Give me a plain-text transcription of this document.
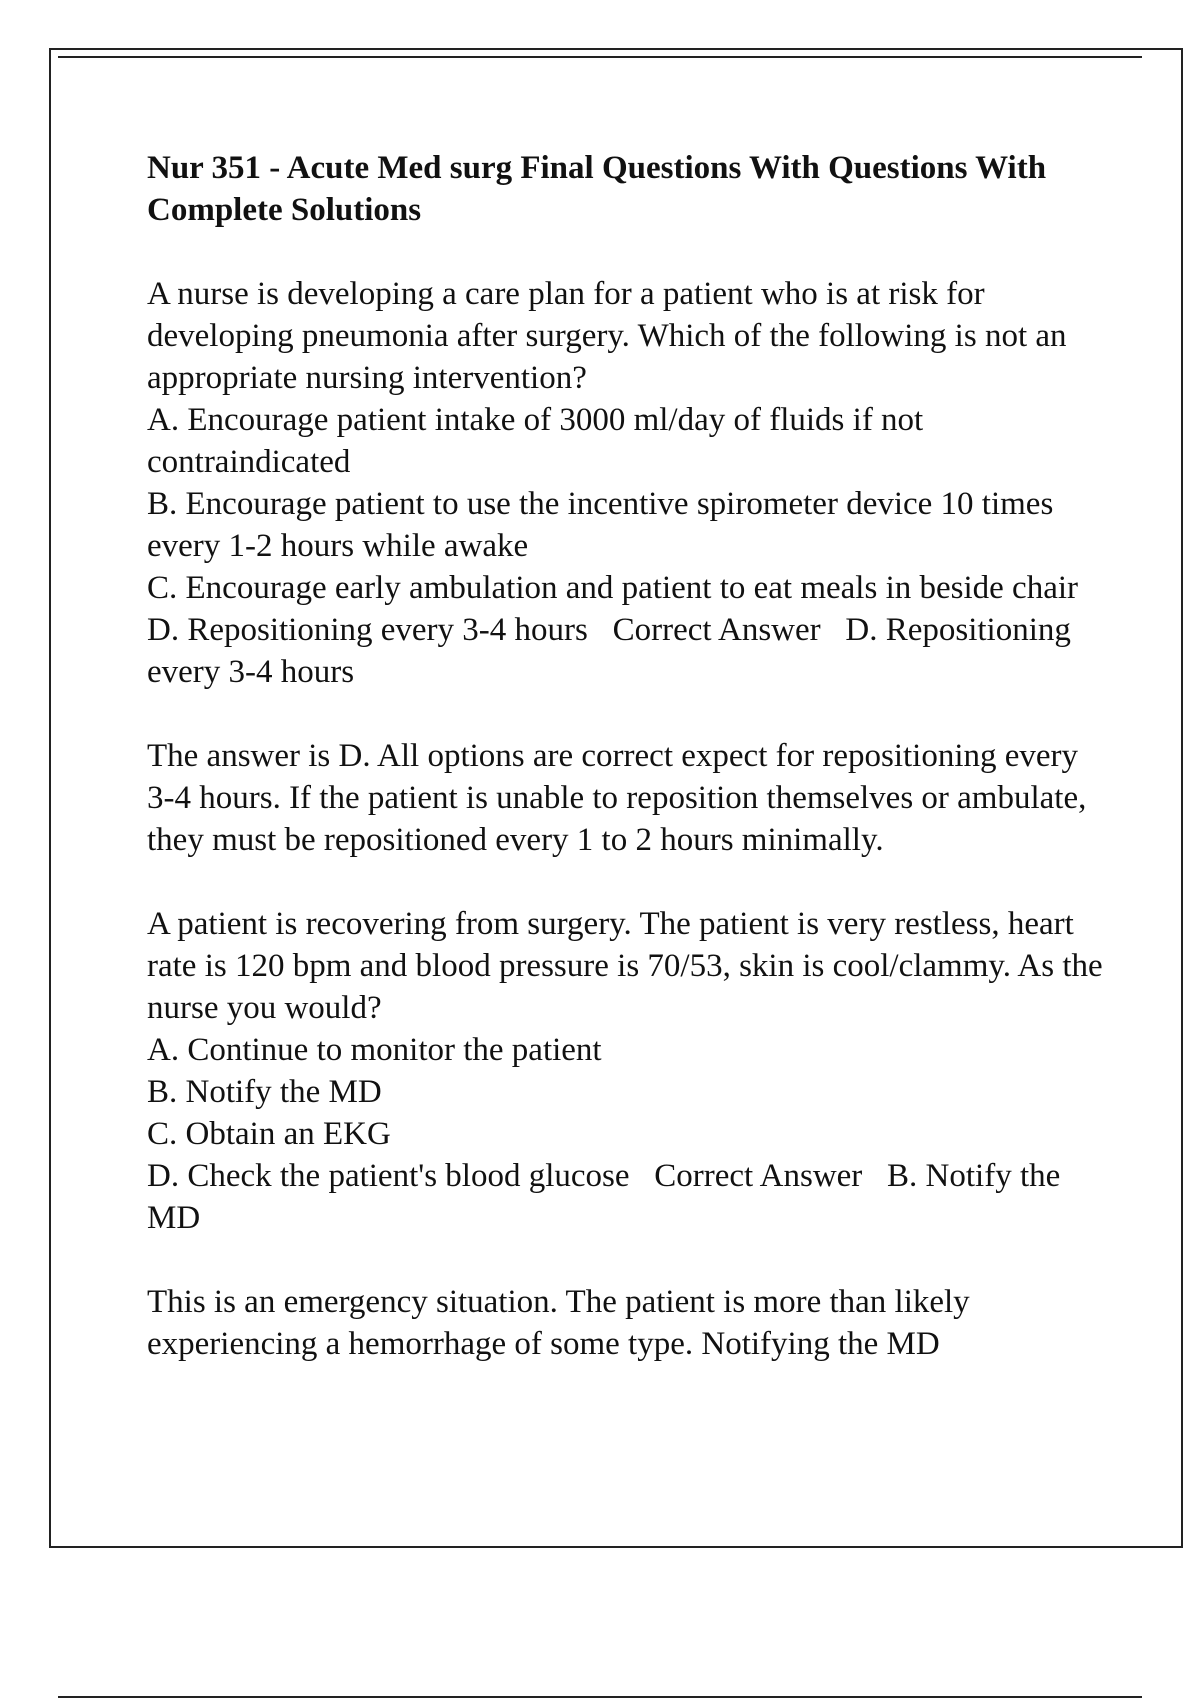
Nur 351 - Acute Med surg Final Questions With Questions With Complete Solutions

A nurse is developing a care plan for a patient who is at risk for developing pneumonia after surgery. Which of the following is not an appropriate nursing intervention?

A. Encourage patient intake of 3000 ml/day of fluids if not contraindicated

B. Encourage patient to use the incentive spirometer device 10 times every 1-2 hours while awake

C. Encourage early ambulation and patient to eat meals in beside chair

D. Repositioning every 3-4 hours   Correct Answer   D. Repositioning every 3-4 hours

The answer is D. All options are correct expect for repositioning every 3-4 hours. If the patient is unable to reposition themselves or ambulate, they must be repositioned every 1 to 2 hours minimally.

A patient is recovering from surgery. The patient is very restless, heart rate is 120 bpm and blood pressure is 70/53, skin is cool/clammy. As the nurse you would?

A. Continue to monitor the patient

B. Notify the MD

C. Obtain an EKG

D. Check the patient's blood glucose   Correct Answer   B. Notify the MD

This is an emergency situation. The patient is more than likely experiencing a hemorrhage of some type. Notifying the MD
